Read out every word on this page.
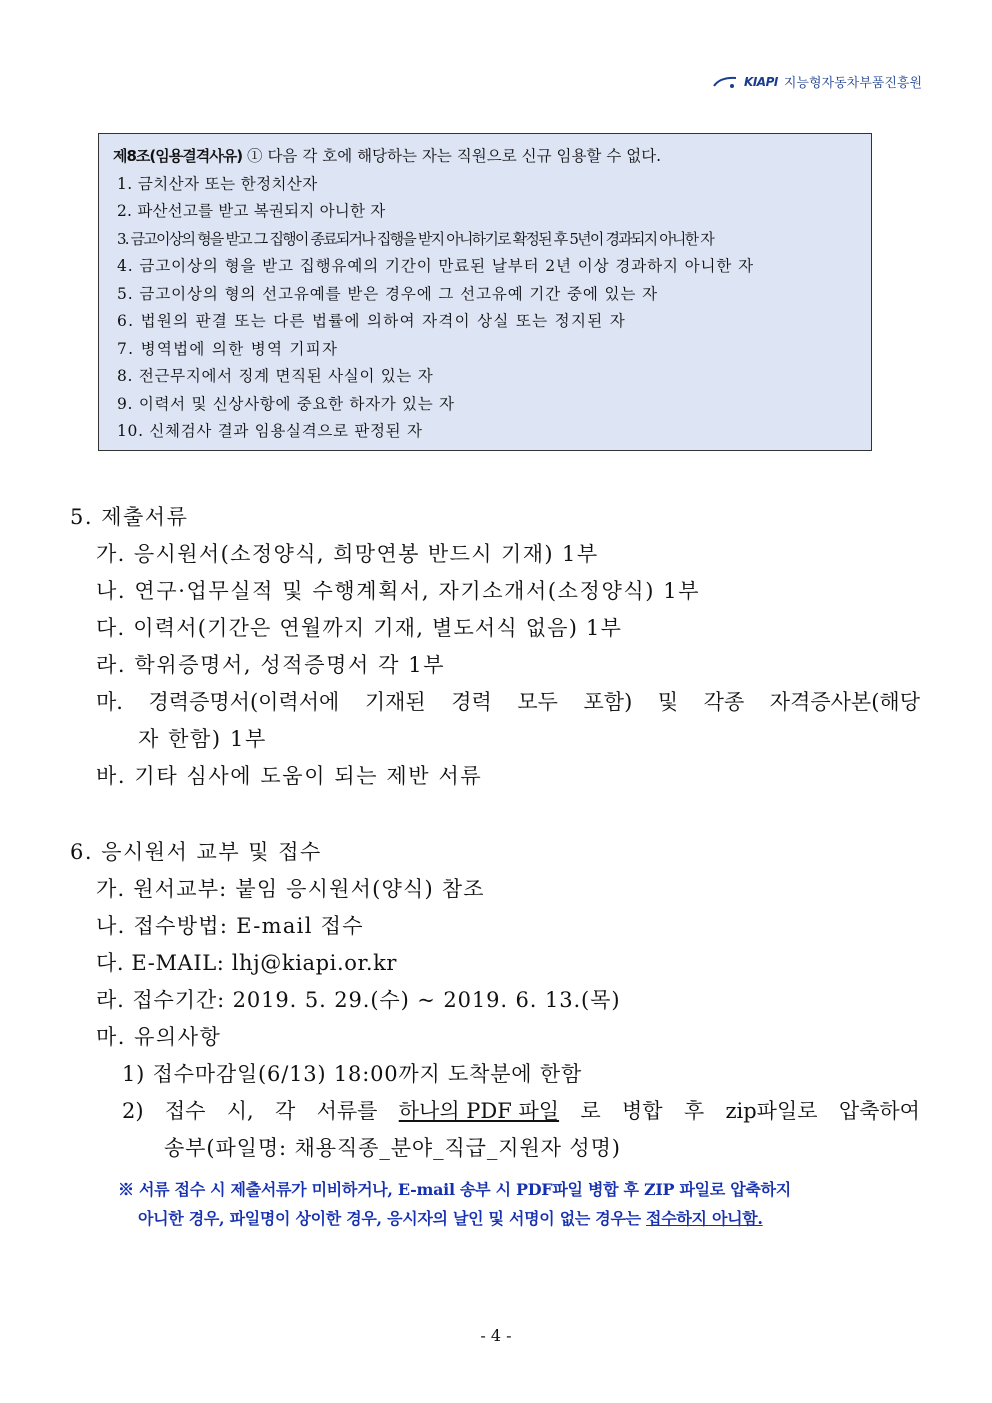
KIAPI 지능형자동차부품진흥원
제8조(임용결격사유) ① 다음 각 호에 해당하는 자는 직원으로 신규 임용할 수 없다.
1. 금치산자 또는 한정치산자
2. 파산선고를 받고 복권되지 아니한 자
3. 금고이상의 형을 받고 그 집행이 종료되거나 집행을 받지 아니하기로 확정된 후 5년이 경과되지 아니한 자
4. 금고이상의 형을 받고 집행유예의 기간이 만료된 날부터 2년 이상 경과하지 아니한 자
5. 금고이상의 형의 선고유예를 받은 경우에 그 선고유예 기간 중에 있는 자
6. 법원의 판결 또는 다른 법률에 의하여 자격이 상실 또는 정지된 자
7. 병역법에 의한 병역 기피자
8. 전근무지에서 징계 면직된 사실이 있는 자
9. 이력서 및 신상사항에 중요한 하자가 있는 자
10. 신체검사 결과 임용실격으로 판정된 자
5. 제출서류
가. 응시원서(소정양식, 희망연봉 반드시 기재) 1부
나. 연구·업무실적 및 수행계획서, 자기소개서(소정양식) 1부
다. 이력서(기간은 연월까지 기재, 별도서식 없음) 1부
라. 학위증명서, 성적증명서 각 1부
마. 경력증명서(이력서에 기재된 경력 모두 포함) 및 각종 자격증사본(해당
자 한함) 1부
바. 기타 심사에 도움이 되는 제반 서류
6. 응시원서 교부 및 접수
가. 원서교부: 붙임 응시원서(양식) 참조
나. 접수방법: E-mail 접수
다. E-MAIL: lhj@kiapi.or.kr
라. 접수기간: 2019. 5. 29.(수) ~ 2019. 6. 13.(목)
마. 유의사항
1) 접수마감일(6/13) 18:00까지 도착분에 한함
2) 접수 시, 각 서류를 하나의 PDF 파일 로 병합 후 zip파일로 압축하여
송부(파일명: 채용직종_분야_직급_지원자 성명)
※ 서류 접수 시 제출서류가 미비하거나, E-mail 송부 시 PDF파일 병합 후 ZIP 파일로 압축하지
아니한 경우, 파일명이 상이한 경우, 응시자의 날인 및 서명이 없는 경우는 접수하지 아니함.
- 4 -
